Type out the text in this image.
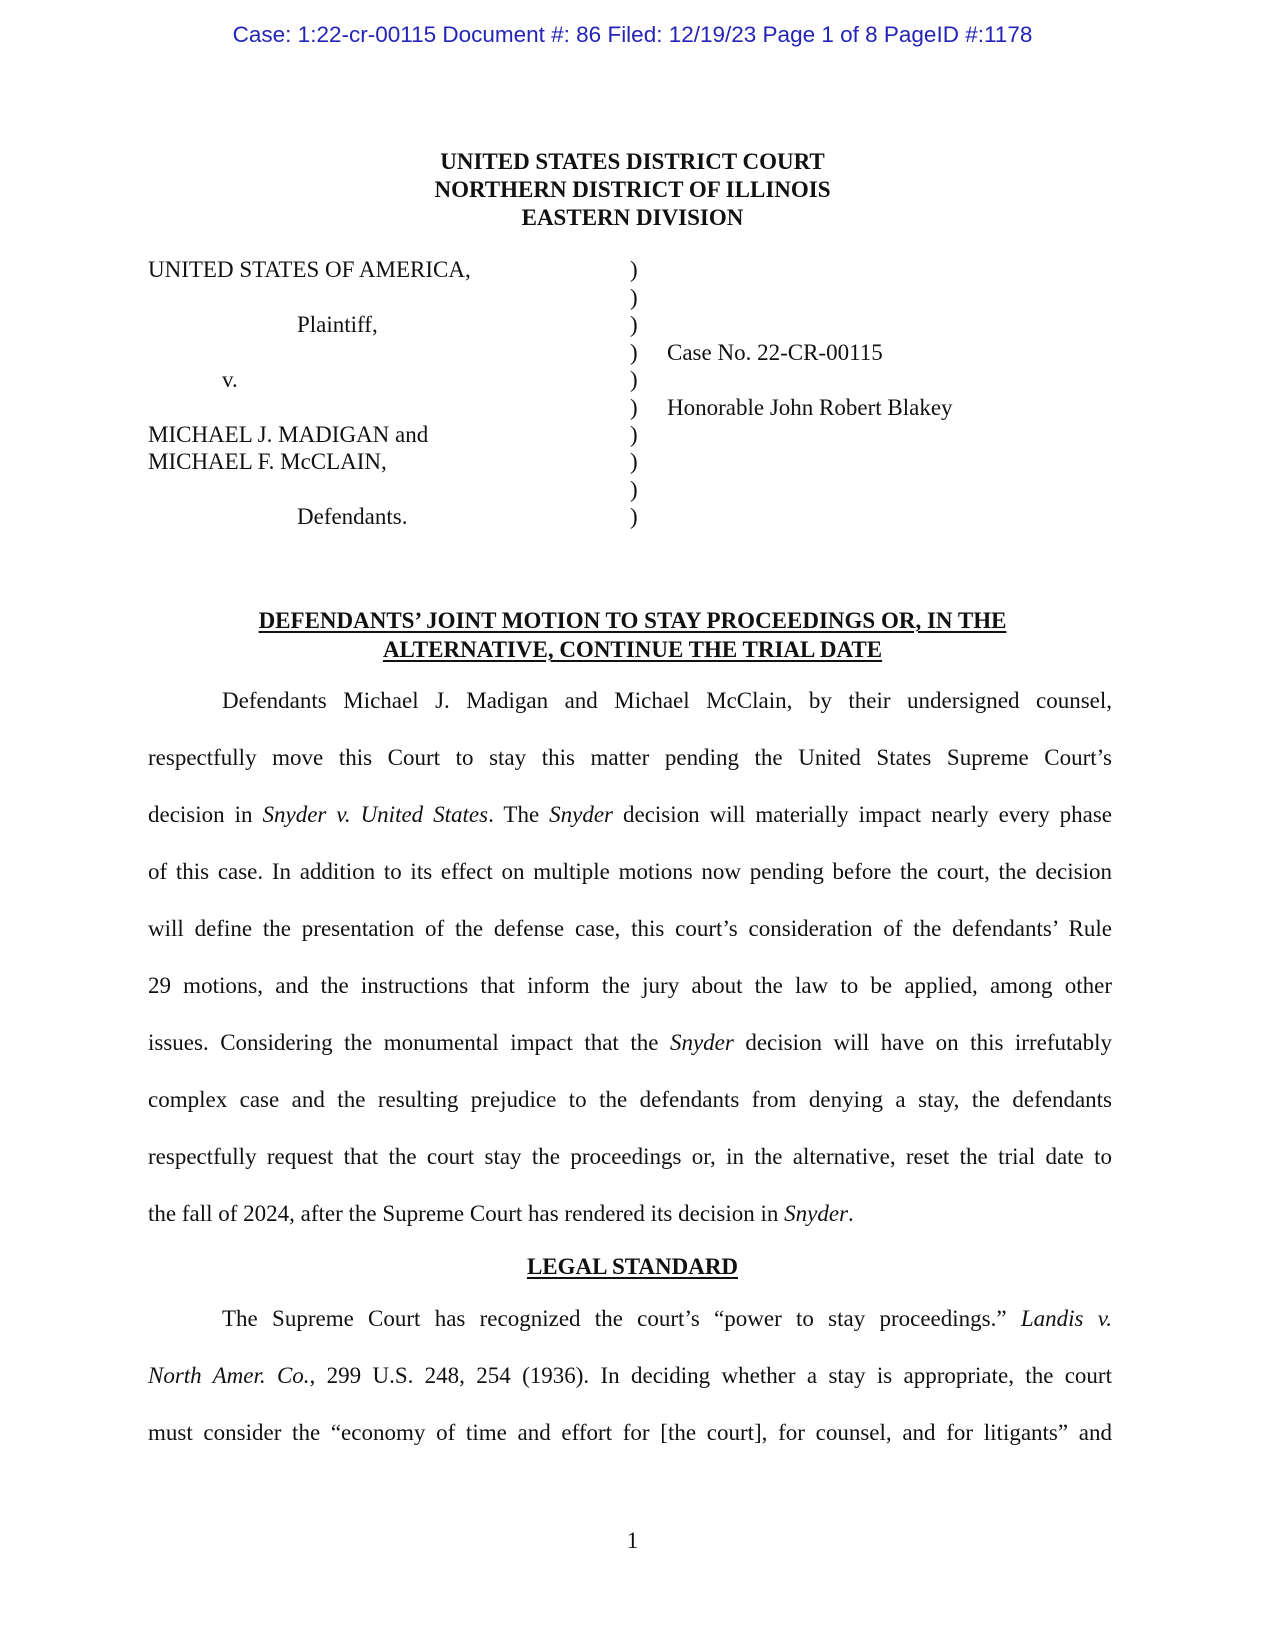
Case: 1:22-cr-00115 Document #: 86 Filed: 12/19/23 Page 1 of 8 PageID #:1178
UNITED STATES DISTRICT COURT
NORTHERN DISTRICT OF ILLINOIS
EASTERN DIVISION
UNITED STATES OF AMERICA,
Plaintiff,
v.
MICHAEL J. MADIGAN and
MICHAEL F. McCLAIN,
Defendants.
)
)
)
)
)
)
)
)
)
)
Case No. 22-CR-00115
Honorable John Robert Blakey
DEFENDANTS’ JOINT MOTION TO STAY PROCEEDINGS OR, IN THE
ALTERNATIVE, CONTINUE THE TRIAL DATE
Defendants Michael J. Madigan and Michael McClain, by their undersigned counsel,
respectfully move this Court to stay this matter pending the United States Supreme Court’s
decision in Snyder v. United States. The Snyder decision will materially impact nearly every phase
of this case. In addition to its effect on multiple motions now pending before the court, the decision
will define the presentation of the defense case, this court’s consideration of the defendants’ Rule
29 motions, and the instructions that inform the jury about the law to be applied, among other
issues. Considering the monumental impact that the Snyder decision will have on this irrefutably
complex case and the resulting prejudice to the defendants from denying a stay, the defendants
respectfully request that the court stay the proceedings or, in the alternative, reset the trial date to
the fall of 2024, after the Supreme Court has rendered its decision in Snyder.
LEGAL STANDARD
The Supreme Court has recognized the court’s “power to stay proceedings.” Landis v.
North Amer. Co., 299 U.S. 248, 254 (1936). In deciding whether a stay is appropriate, the court
must consider the “economy of time and effort for [the court], for counsel, and for litigants” and
1
